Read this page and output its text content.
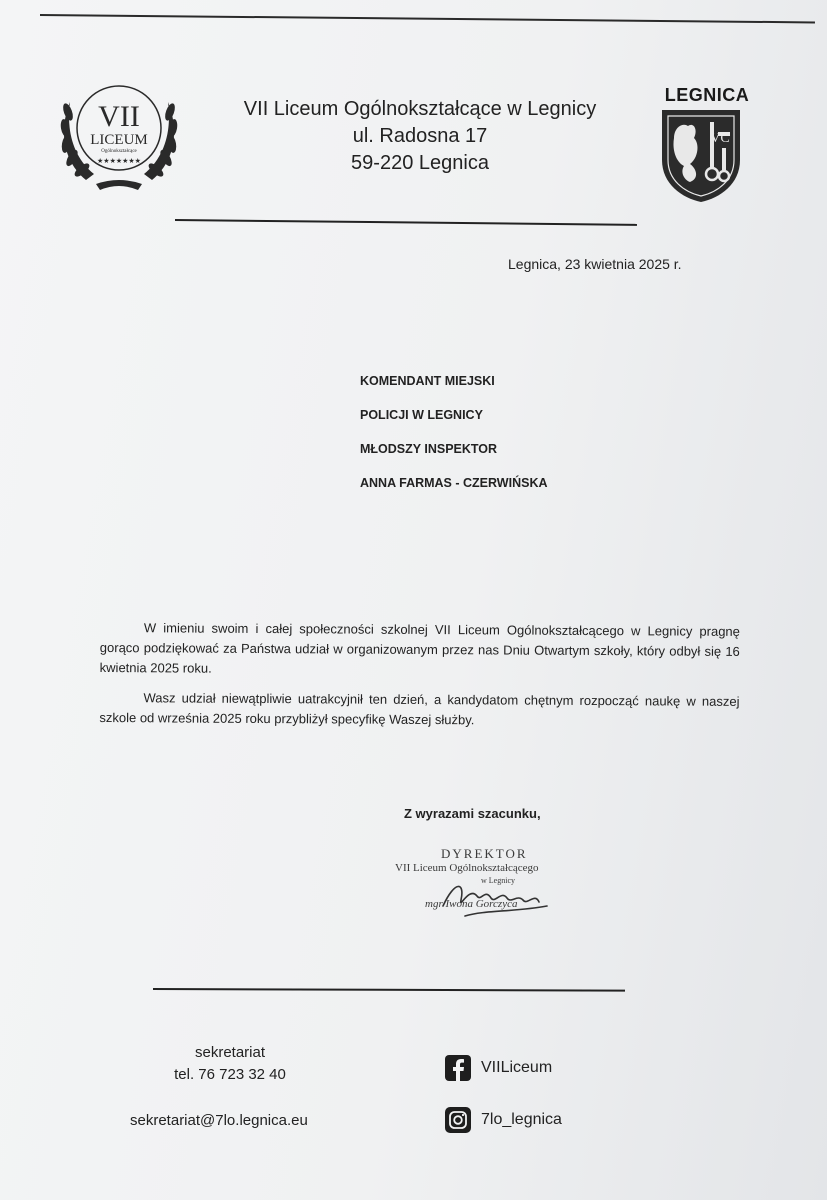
VII
LICEUM
Ogólnokształcące
★★★★★★★
VII Liceum Ogólnokształcące w Legnicy
ul. Radosna 17
59-220 Legnica
LEGNICA
VC
Legnica, 23 kwietnia 2025 r.
KOMENDANT MIEJSKI
POLICJI W LEGNICY
MŁODSZY INSPEKTOR
ANNA FARMAS - CZERWIŃSKA

W imieniu swoim i całej społeczności szkolnej VII Liceum Ogólnokształcącego w Legnicy pragnę gorąco podziękować za Państwa udział w organizowanym przez nas Dniu Otwartym szkoły, który odbył się 16 kwietnia 2025 roku.

Wasz udział niewątpliwie uatrakcyjnił ten dzień, a kandydatom chętnym rozpocząć naukę w naszej szkole od września 2025 roku przybliżył specyfikę Waszej służby.

Z wyrazami szacunku,
DYREKTOR
VII Liceum Ogólnokształcącego
w Legnicy
mgr Iwona Gorczyca
sekretariat
tel. 76 723 32 40
sekretariat@7lo.legnica.eu
VIILiceum
7lo_legnica
